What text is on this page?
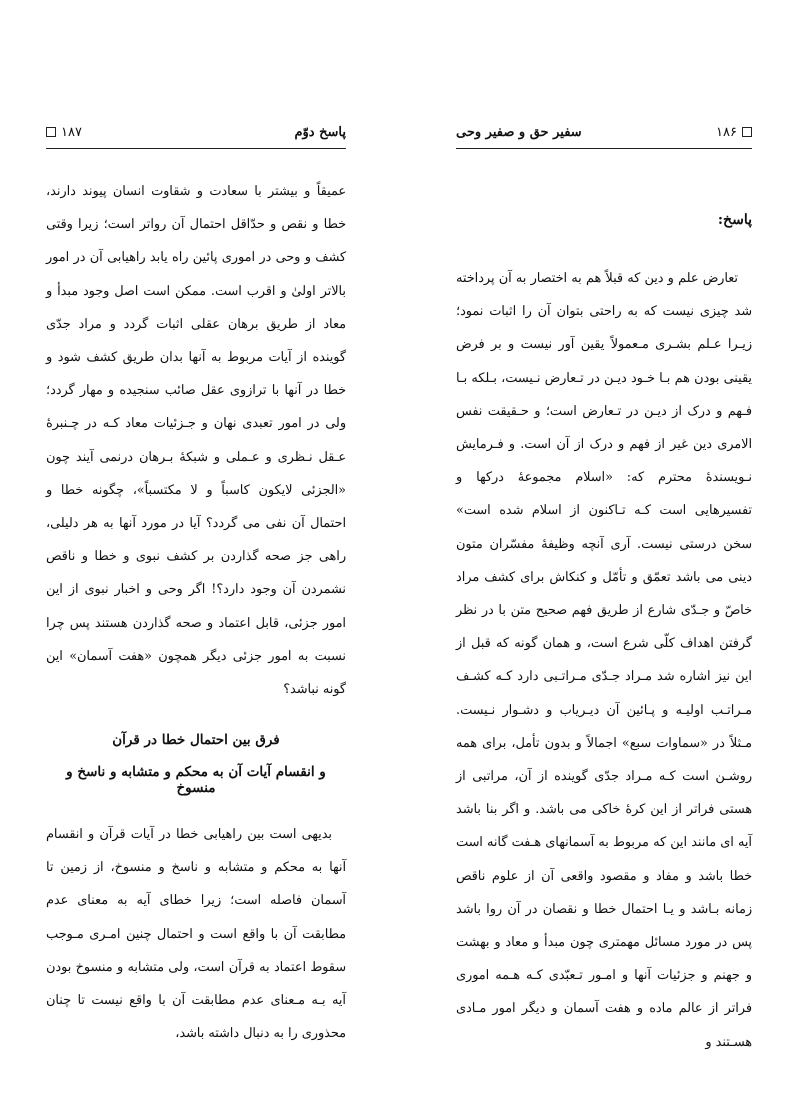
پاسخ دوّم
۱۸۷

عمیقاً و بیشتر با سعادت و شقاوت انسان پیوند دارند، خطا و نقص و حدّاقل احتمال آن رواتر است؛ زیرا وقتی کشف و وحی در اموری پائین راه یابد راهیابی آن در امور بالاتر اولیٰ و اقرب است. ممکن است اصل وجود مبدأ و معاد از طریق برهان عقلی اثبات گردد و مراد جدّی گوینده از آیات مربوط به آنها بدان طریق کشف شود و خطا در آنها با ترازوی عقل صائب سنجیده و مهار گردد؛ ولی در امور تعبدی نهان و جـزئیات معاد کـه در چـنبرهٔ عـقل نـظری و عـملی و شبکهٔ بـرهان درنمی آیند چون «الجزئی لایکون کاسباً و لا مکتسباً»، چگونه خطا و احتمال آن نفی می گردد؟ آیا در مورد آنها به هر دلیلی، راهی جز صحه گذاردن بر کشف نبوی و خطا و ناقص نشمردن آن وجود دارد؟! اگر وحی و اخبار نبوی از این امور جزئی، قابل اعتماد و صحه گذاردن هستند پس چرا نسبت به امور جزئی دیگر همچون «هفت آسمان» این گونه نباشد؟

فرق بین احتمال خطا در قرآن
و انقسام آیات آن به محکم و متشابه و ناسخ و منسوخ

بدیهی است بین راهیابی خطا در آیات قرآن و انقسام آنها به محکم و متشابه و ناسخ و منسوخ، از زمین تا آسمان فاصله است؛ زیرا خطای آیه به معنای عدم مطابقت آن با واقع است و احتمال چنین امـری مـوجب سقوط اعتماد به قرآن است، ولی متشابه و منسوخ بودن آیه بـه مـعنای عدم مطابقت آن با واقع نیست تا چنان محذوری را به دنبال داشته باشد،

۱۸۶
سفیر حق و صفیر وحی
پاسخ:

تعارض علم و دین که قبلاً هم به اختصار به آن پرداخته شد چیزی نیست که به راحتی بتوان آن را اثبات نمود؛ زیـرا عـلم بشـری مـعمولاً یقین آور نیست و بر فرض یقینی بودن هم بـا خـود دیـن در تـعارض نـیست، بـلکه بـا فـهم و درک از دیـن در تـعارض است؛ و حـقیقت نفس الامری دین غیر از فهم و درک از آن است. و فـرمایش نـویسندهٔ محترم که: «اسلام مجموعهٔ درکها و تفسیرهایی است کـه تـاکنون از اسلام شده است» سخن درستی نیست. آری آنچه وظیفهٔ مفسّران متون دینی می باشد تعمّق و تأمّل و کنکاش برای کشف مراد خاصّ و جـدّی شارع از طریق فهم صحیح متن با در نظر گرفتن اهداف کلّی شرع است، و همان گونه که قبل از این نیز اشاره شد مـراد جـدّی مـراتـبی دارد کـه کشـف مـراتـب اولیـه و پـائین آن دیـریاب و دشـوار نـیست. مـثلاً در «سماوات سبع» اجمالاً و بدون تأمل، برای همه روشـن است کـه مـراد جدّی گوینده از آن، مراتبی از هستی فراتر از این کرهٔ خاکی می باشد. و اگر بنا باشد آیه ای مانند این که مربوط به آسمانهای هـفت گانه است خطا باشد و مفاد و مقصود واقعی آن از علوم ناقص زمانه بـاشد و یـا احتمال خطا و نقصان در آن روا باشد پس در مورد مسائل مهمتری چون مبدأ و معاد و بهشت و جهنم و جزئیات آنها و امـور تـعبّدی کـه هـمه اموری فراتر از عالم ماده و هفت آسمان و دیگر امور مـادی هسـتند و
